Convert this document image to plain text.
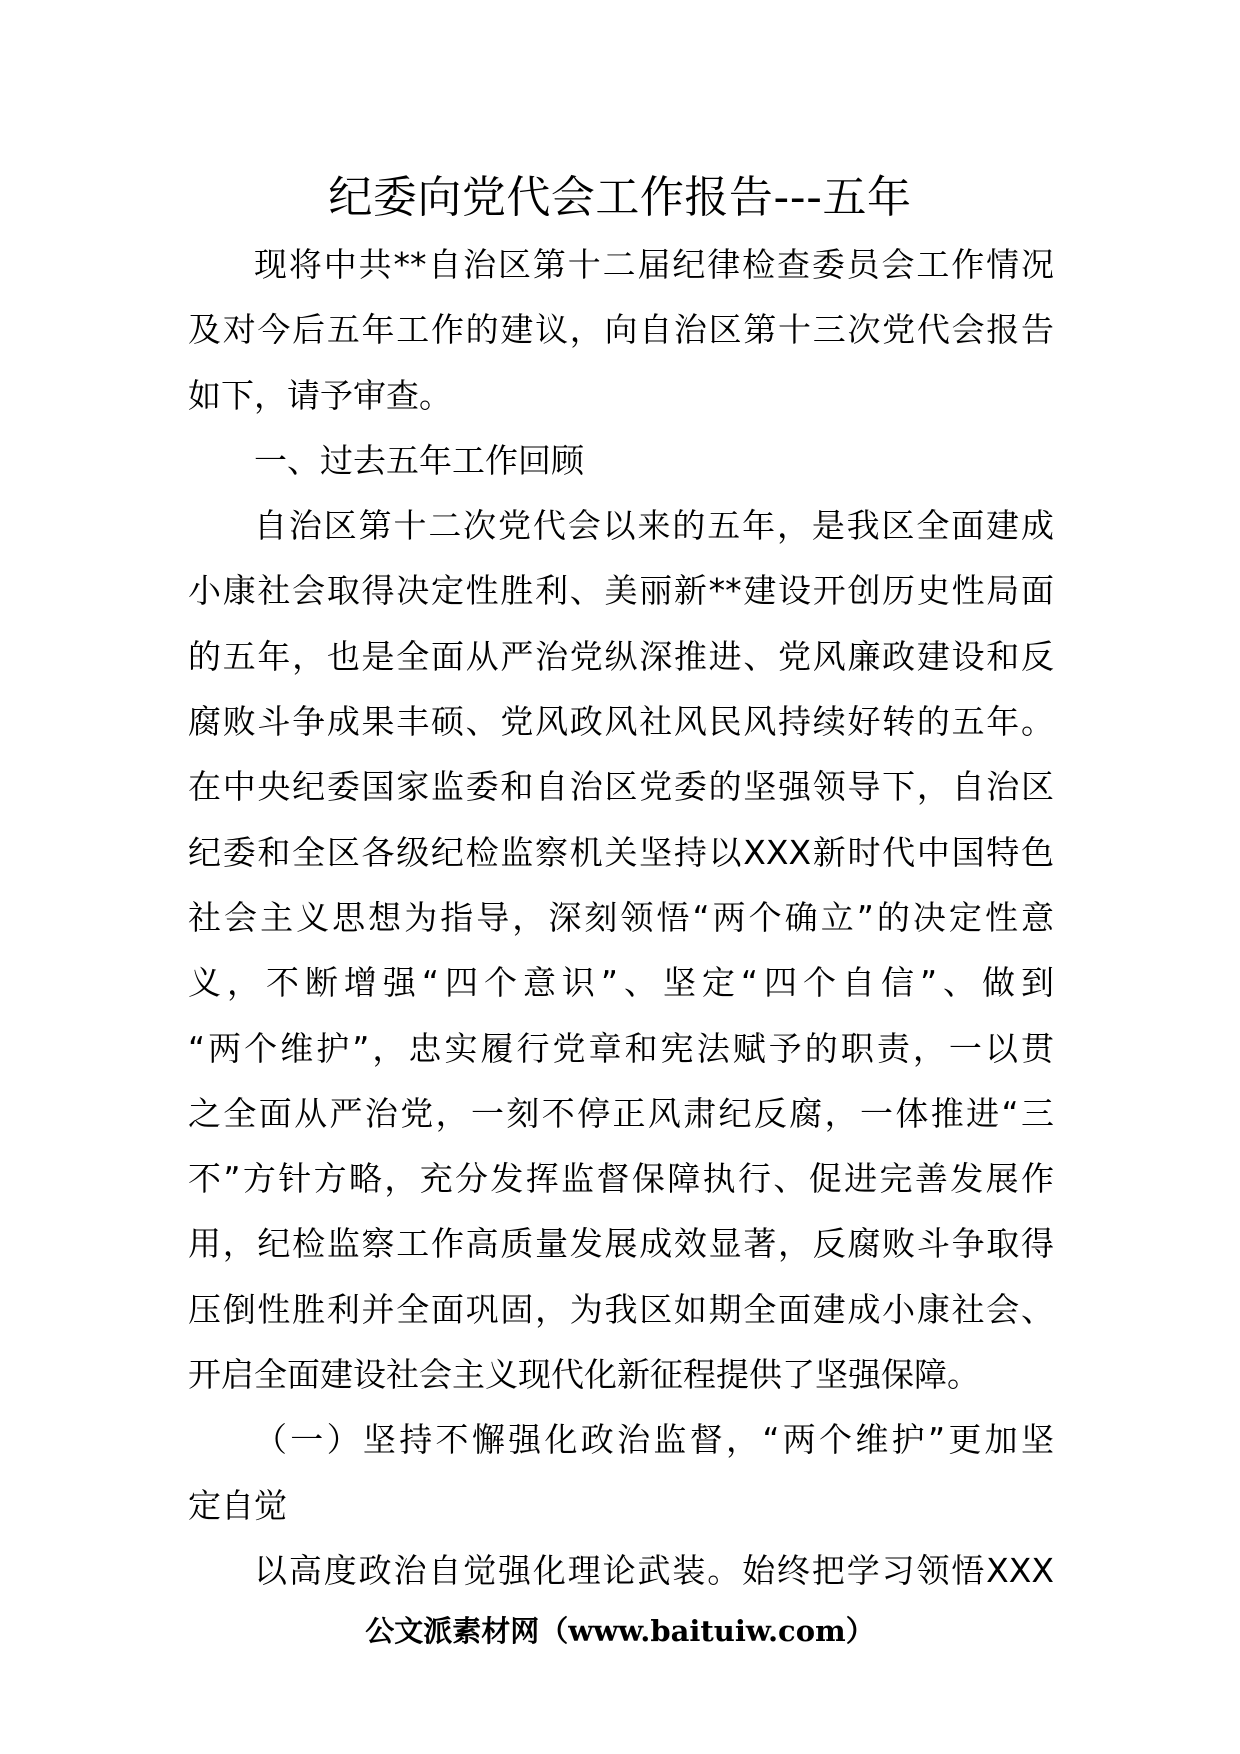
纪委向党代会工作报告---五年
现将中共**自治区第十二届纪律检查委员会工作情况
及对今后五年工作的建议，向自治区第十三次党代会报告
如下，请予审查。
一、过去五年工作回顾
自治区第十二次党代会以来的五年，是我区全面建成
小康社会取得决定性胜利、美丽新**建设开创历史性局面
的五年，也是全面从严治党纵深推进、党风廉政建设和反
腐败斗争成果丰硕、党风政风社风民风持续好转的五年。
在中央纪委国家监委和自治区党委的坚强领导下，自治区
纪委和全区各级纪检监察机关坚持以XXX新时代中国特色
社会主义思想为指导，深刻领悟“两个确立”的决定性意
义，不断增强“四个意识”、坚定“四个自信”、做到
“两个维护”，忠实履行党章和宪法赋予的职责，一以贯
之全面从严治党，一刻不停正风肃纪反腐，一体推进“三
不”方针方略，充分发挥监督保障执行、促进完善发展作
用，纪检监察工作高质量发展成效显著，反腐败斗争取得
压倒性胜利并全面巩固，为我区如期全面建成小康社会、
开启全面建设社会主义现代化新征程提供了坚强保障。
（一）坚持不懈强化政治监督，“两个维护”更加坚
定自觉
以高度政治自觉强化理论武装。始终把学习领悟XXX
公文派素材网（www.baituiw.com）
